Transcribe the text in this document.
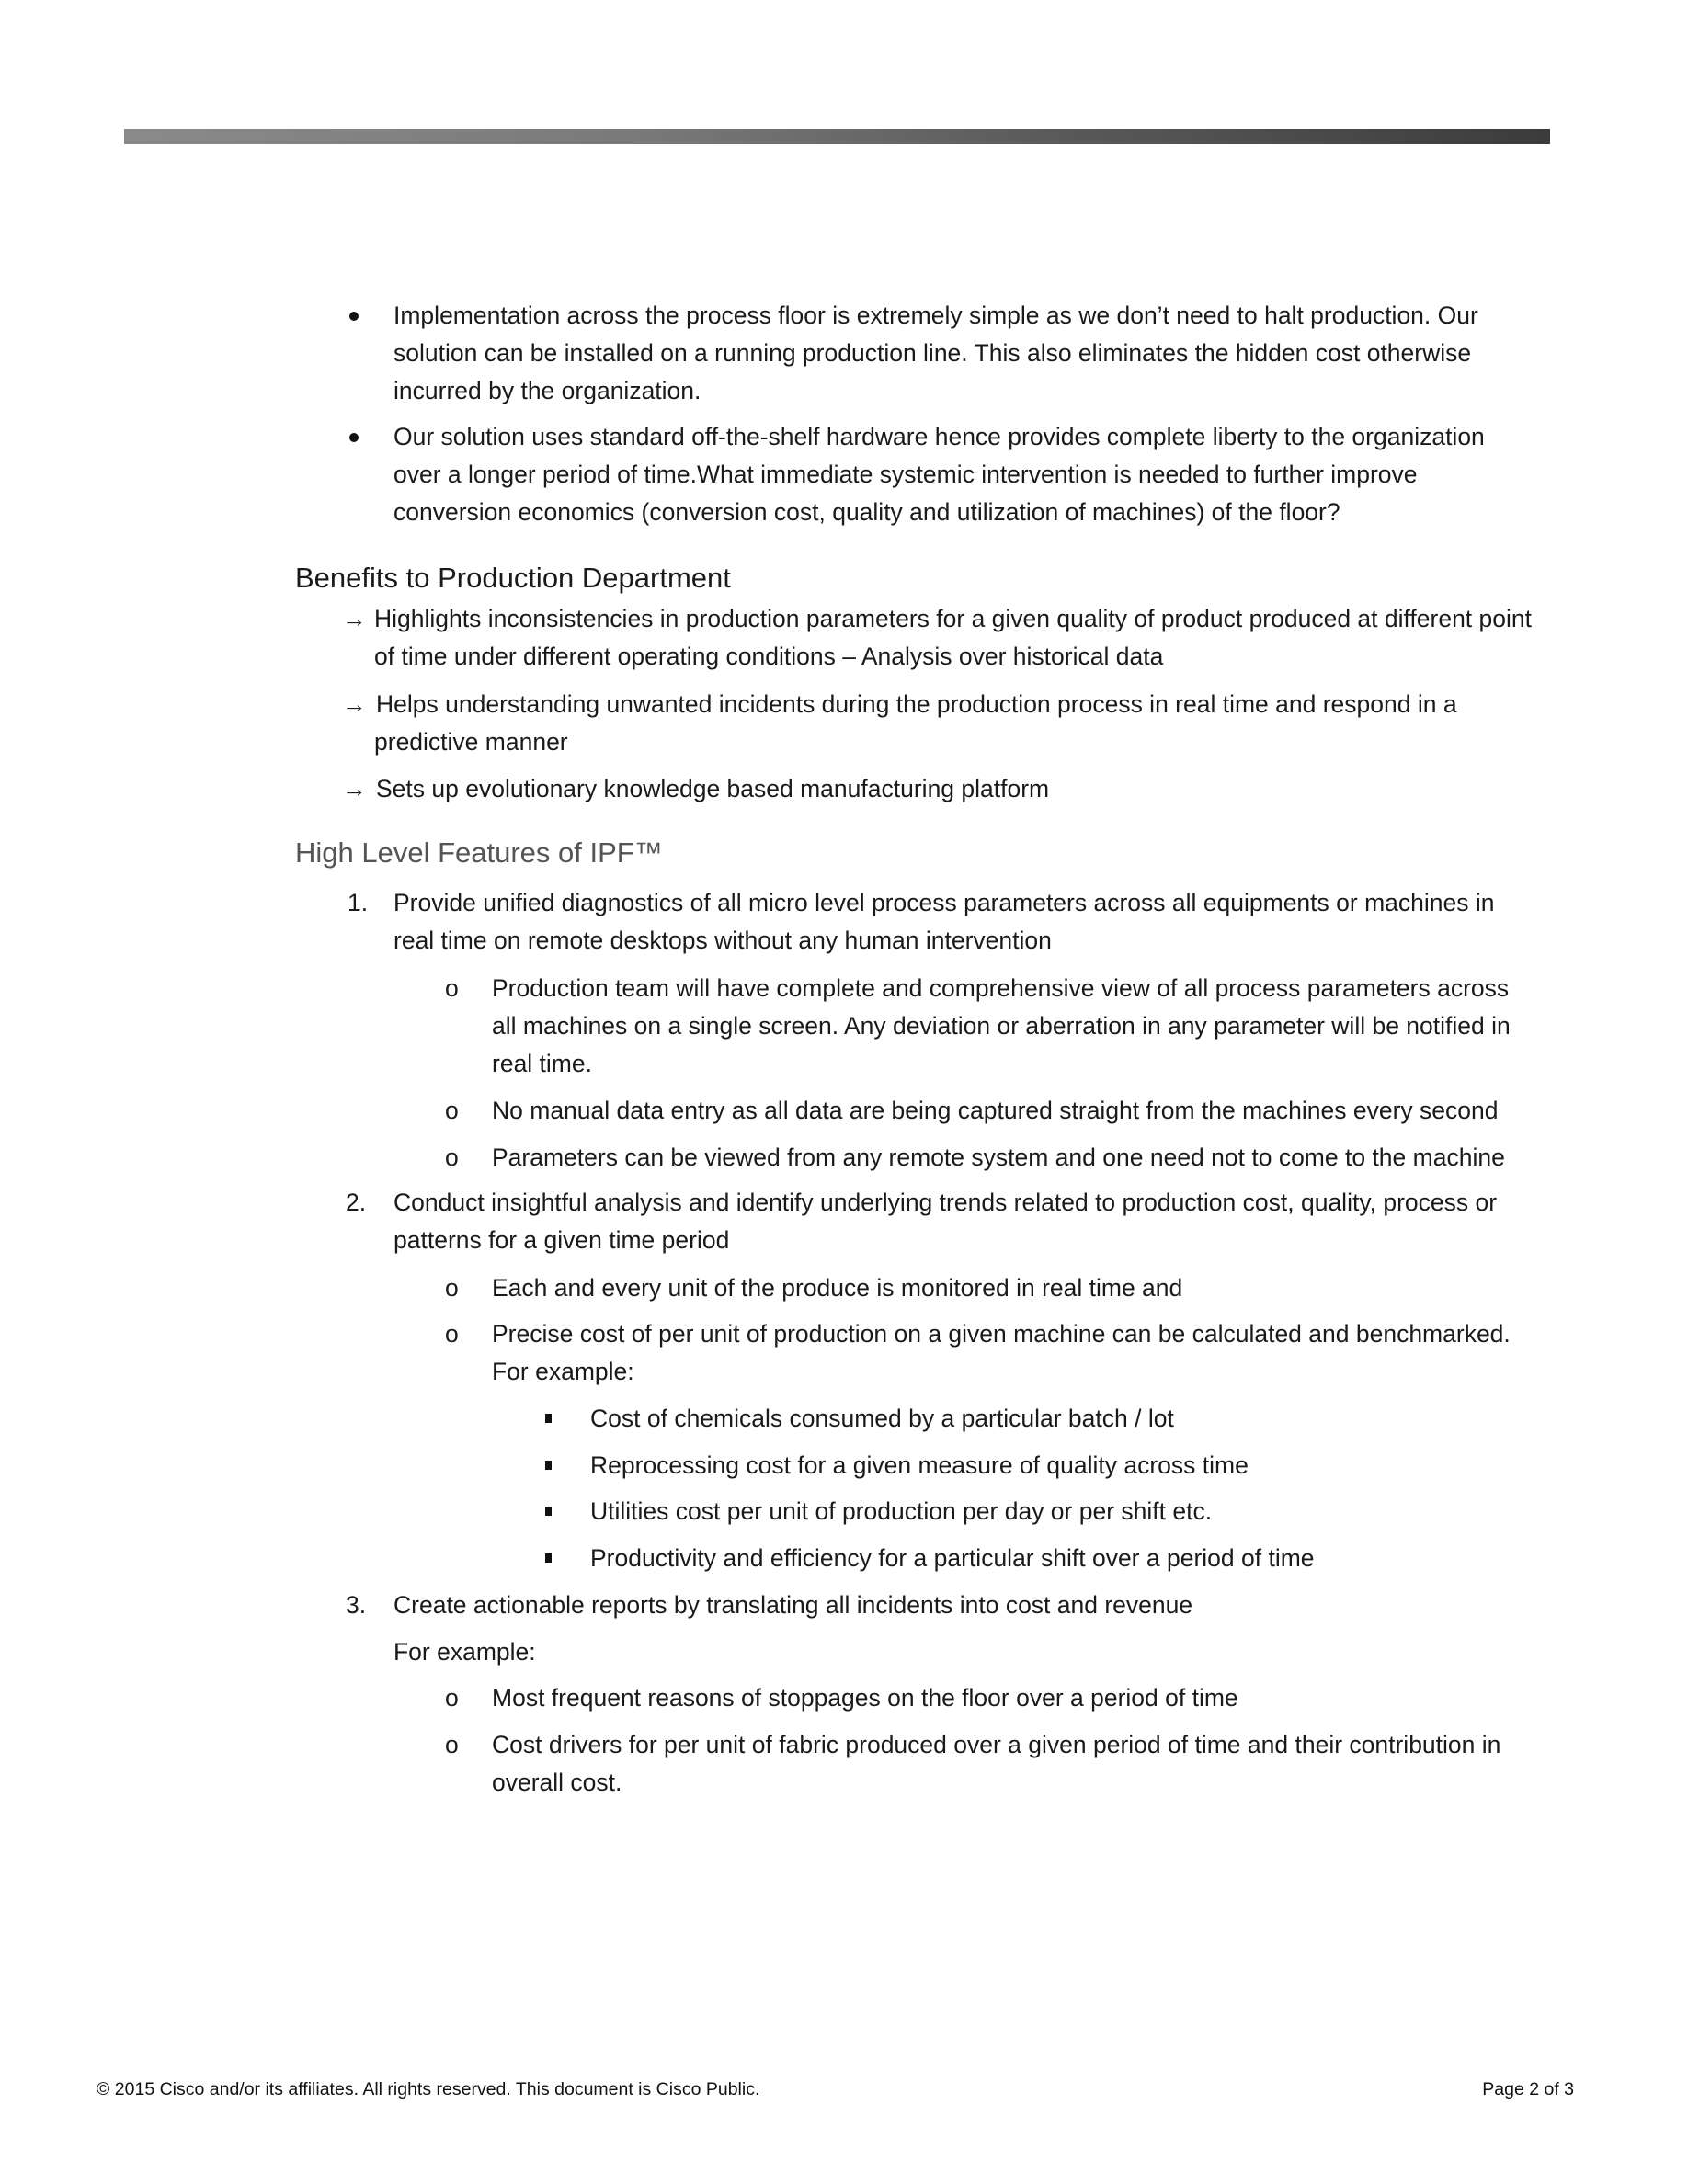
Implementation across the process floor is extremely simple as we don’t need to halt production. Our
solution can be installed on a running production line. This also eliminates the hidden cost otherwise
incurred by the organization.
Our solution uses standard off-the-shelf hardware hence provides complete liberty to the organization
over a longer period of time.What immediate systemic intervention is needed to further improve
conversion economics (conversion cost, quality and utilization of machines) of the floor?
Benefits to Production Department
→ Highlights inconsistencies in production parameters for a given quality of product produced at different point
of time under different operating conditions – Analysis over historical data
→ Helps understanding unwanted incidents during the production process in real time and respond in a
predictive manner
→ Sets up evolutionary knowledge based manufacturing platform
High Level Features of IPF™
1. Provide unified diagnostics of all micro level process parameters across all equipments or machines in
real time on remote desktops without any human intervention
o Production team will have complete and comprehensive view of all process parameters across
all machines on a single screen. Any deviation or aberration in any parameter will be notified in
real time.
o No manual data entry as all data are being captured straight from the machines every second
o Parameters can be viewed from any remote system and one need not to come to the machine
2. Conduct insightful analysis and identify underlying trends related to production cost, quality, process or
patterns for a given time period
o Each and every unit of the produce is monitored in real time and
o Precise cost of per unit of production on a given machine can be calculated and benchmarked.
For example:
Cost of chemicals consumed by a particular batch / lot
Reprocessing cost for a given measure of quality across time
Utilities cost per unit of production per day or per shift etc.
Productivity and efficiency for a particular shift over a period of time
3. Create actionable reports by translating all incidents into cost and revenue
For example:
o Most frequent reasons of stoppages on the floor over a period of time
o Cost drivers for per unit of fabric produced over a given period of time and their contribution in
overall cost.
© 2015 Cisco and/or its affiliates. All rights reserved. This document is Cisco Public.	Page 2 of 3
